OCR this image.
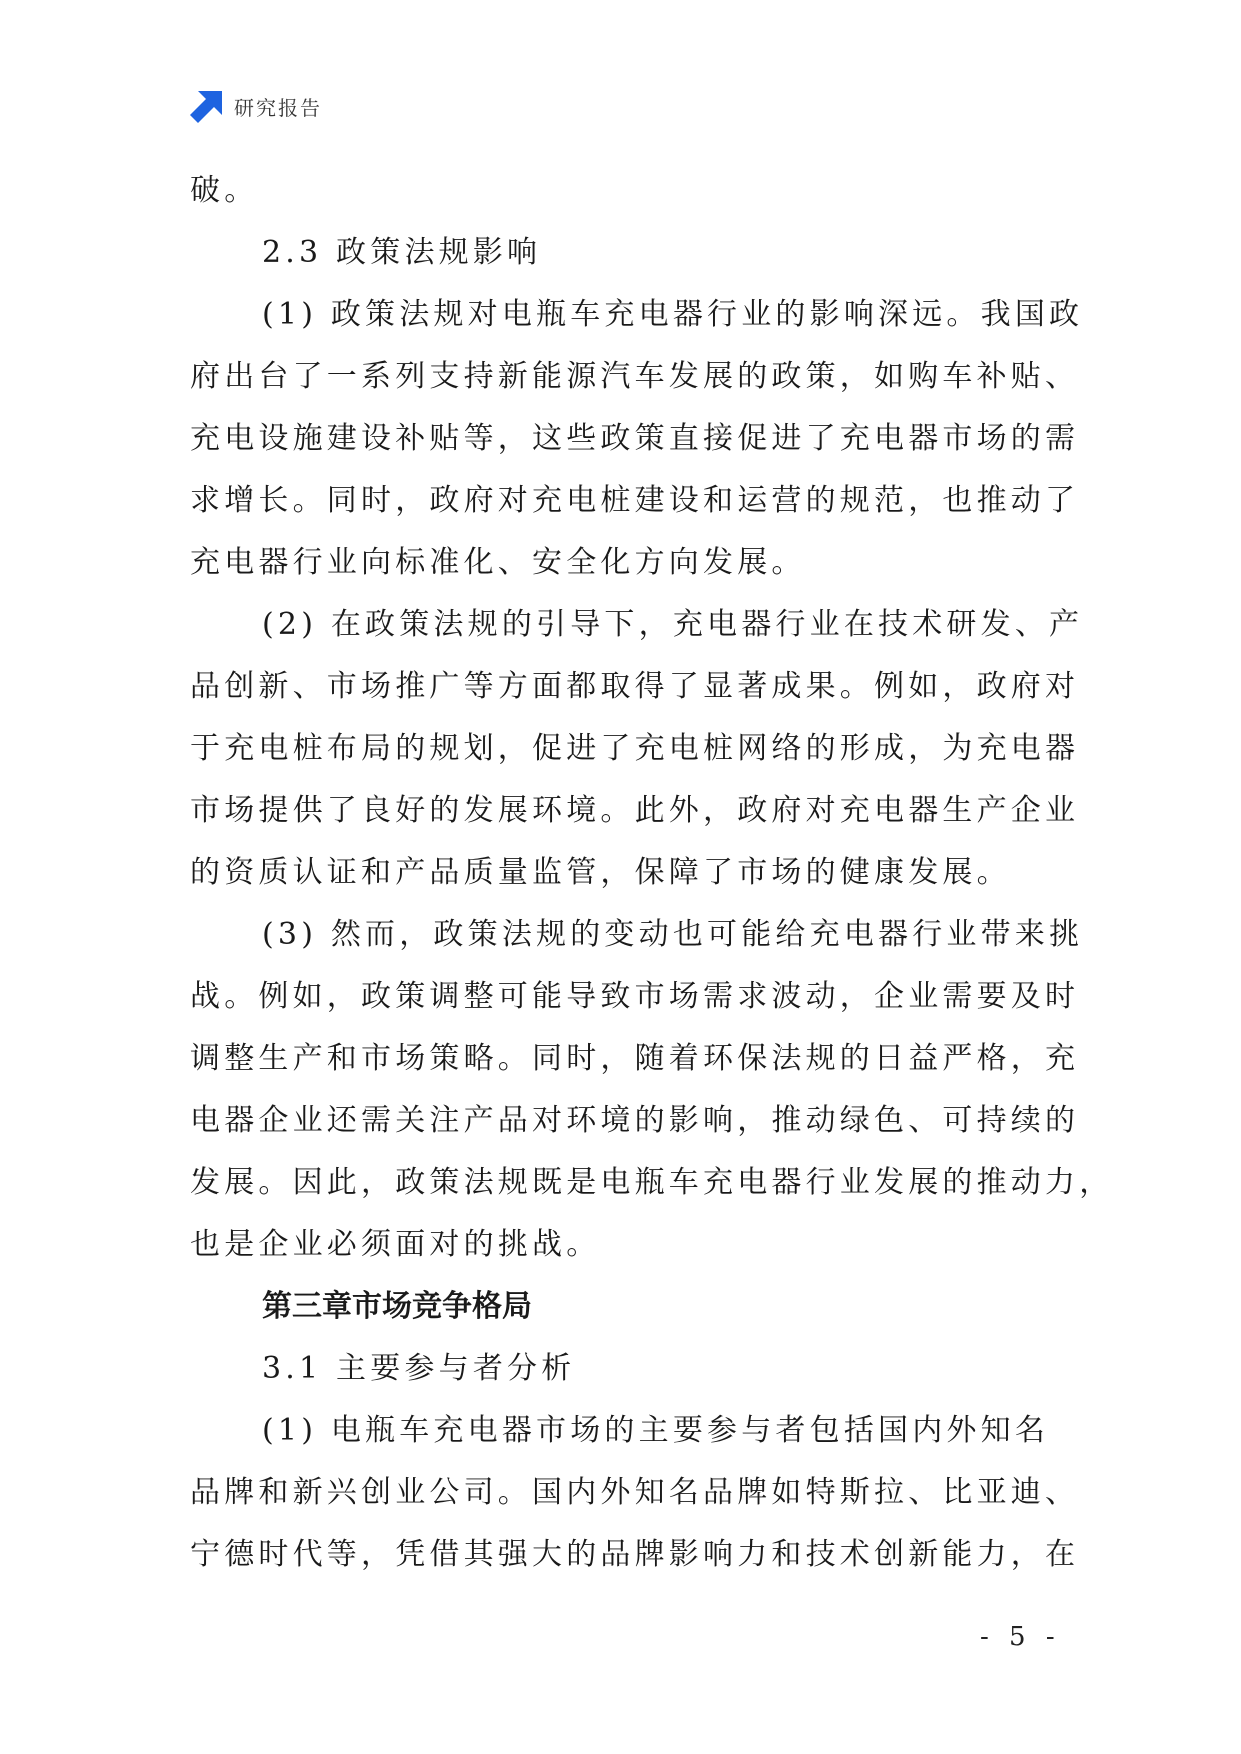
研究报告
破。
2.3 政策法规影响
(1) 政策法规对电瓶车充电器行业的影响深远。我国政
府出台了一系列支持新能源汽车发展的政策，如购车补贴、
充电设施建设补贴等，这些政策直接促进了充电器市场的需
求增长。同时，政府对充电桩建设和运营的规范，也推动了
充电器行业向标准化、安全化方向发展。
(2) 在政策法规的引导下，充电器行业在技术研发、产
品创新、市场推广等方面都取得了显著成果。例如，政府对
于充电桩布局的规划，促进了充电桩网络的形成，为充电器
市场提供了良好的发展环境。此外，政府对充电器生产企业
的资质认证和产品质量监管，保障了市场的健康发展。
(3) 然而，政策法规的变动也可能给充电器行业带来挑
战。例如，政策调整可能导致市场需求波动，企业需要及时
调整生产和市场策略。同时，随着环保法规的日益严格，充
电器企业还需关注产品对环境的影响，推动绿色、可持续的
发展。因此，政策法规既是电瓶车充电器行业发展的推动力，
也是企业必须面对的挑战。
第三章市场竞争格局
3.1 主要参与者分析
(1) 电瓶车充电器市场的主要参与者包括国内外知名
品牌和新兴创业公司。国内外知名品牌如特斯拉、比亚迪、
宁德时代等，凭借其强大的品牌影响力和技术创新能力，在
- 5 -
